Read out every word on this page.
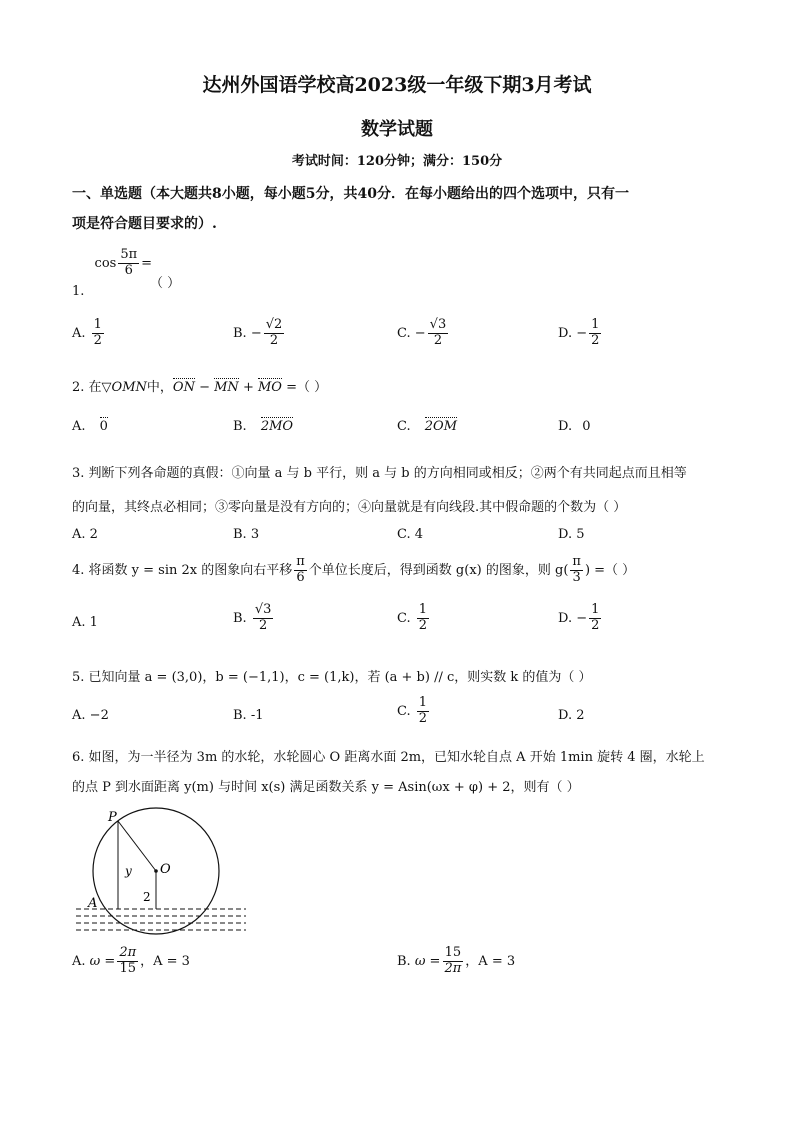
达州外国语学校高2023级一年级下期3月考试
数学试题
考试时间：120分钟；满分：150分
一、单选题（本大题共8小题，每小题5分，共40分．在每小题给出的四个选项中，只有一
项是符合题目要求的）.
1. $\cos \frac{5\pi}{6}$ =
（ ）
A. $\frac{1}{2}$	B. − $\frac{√2}{2}$	C. − $\frac{√3}{2}$	D. − $\frac{1}{2}$
2. 在▽OMN中，ON − MN + MO =（ ）
A. 0	B. 2MO	C. 2OM	D. 0
3. 判断下列各命题的真假：①向量 a 与 b 平行，则 a 与 b 的方向相同或相反；②两个有共同起点而且相等
的向量，其终点必相同；③零向量是没有方向的；④向量就是有向线段.其中假命题的个数为（ ）
A. 2	B. 3	C. 4	D. 5
4. 将函数 y = sin 2x 的图象向右平移 $\frac{\pi}{6}$ 个单位长度后，得到函数 g(x) 的图象，则 $g( \frac{\pi}{3}$ ) =（ ）
A. 1	B. $\frac{√3}{2}$	C. $\frac{1}{2}$	D. − $\frac{1}{2}$
5. 已知向量 a = (3,0)，b = (−1,1)，c = (1,k)，若 (a + b) // c，则实数 k 的值为（ ）
A. −2	B. -1	C. $\frac{1}{2}$	D. 2
6. 如图，为一半径为 3m 的水轮，水轮圆心 O 距离水面 2m，已知水轮自点 A 开始 1min 旋转 4 圈，水轮上
的点 P 到水面距离 y(m) 与时间 x(s) 满足函数关系 y = Asin(ωx + φ) + 2，则有（ ）
P
O
y
2
A
A. $\omega = \frac{2\pi}{15}$ ，A = 3	B. $\omega = \frac{15}{2\pi}$ ，A = 3
